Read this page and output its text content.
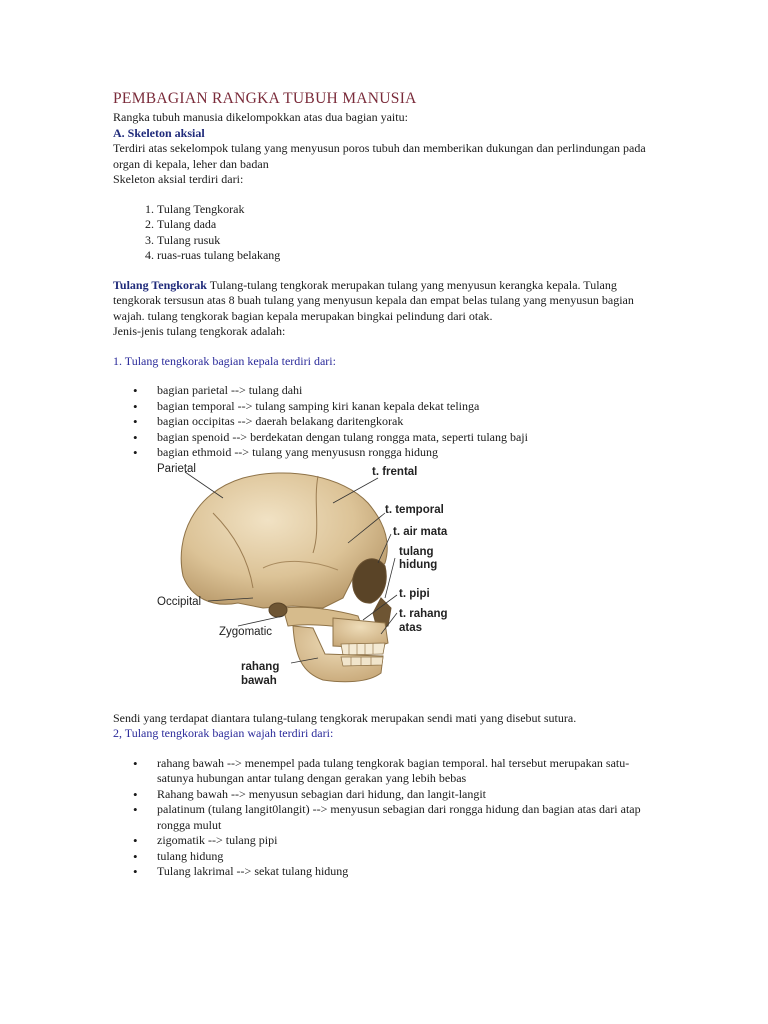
PEMBAGIAN RANGKA TUBUH MANUSIA

Rangka tubuh manusia dikelompokkan atas dua bagian yaitu:

A. Skeleton aksial

Terdiri atas sekelompok tulang yang menyusun poros tubuh dan memberikan dukungan dan perlindungan pada organ di kepala, leher dan badan

Skeleton aksial terdiri dari:

1. Tulang Tengkorak
2. Tulang dada
3. Tulang rusuk
4. ruas-ruas tulang belakang

Tulang Tengkorak Tulang-tulang tengkorak merupakan tulang yang menyusun kerangka kepala. Tulang tengkorak tersusun atas 8 buah tulang yang menyusun kepala dan empat belas tulang yang menyusun bagian wajah. tulang tengkorak bagian kepala merupakan bingkai pelindung dari otak.

Jenis-jenis tulang tengkorak adalah:

1. Tulang tengkorak bagian kepala terdiri dari:

• bagian parietal --> tulang dahi
• bagian temporal --> tulang samping kiri kanan kepala dekat telinga
• bagian occipitas --> daerah belakang daritengkorak
• bagian spenoid --> berdekatan dengan tulang rongga mata, seperti tulang baji
• bagian ethmoid --> tulang yang menyususn rongga hidung

Sendi yang terdapat diantara tulang-tulang tengkorak merupakan sendi mati yang disebut sutura.

2, Tulang tengkorak bagian wajah terdiri dari:

• rahang bawah --> menempel pada tulang tengkorak bagian temporal. hal tersebut merupakan satu-satunya hubungan antar tulang dengan gerakan yang lebih bebas
• Rahang bawah --> menyusun sebagian dari hidung, dan langit-langit
• palatinum (tulang langit0langit) --> menyusun sebagian dari rongga hidung dan bagian atas dari atap rongga mulut
• zigomatik --> tulang pipi
• tulang hidung
• Tulang lakrimal --> sekat tulang hidung
Parietal	t. frental
t. temporal
t. air mata
tulang
hidung
Occipital
t. pipi
t. rahang
atas
Zygomatic
rahang
bawah
